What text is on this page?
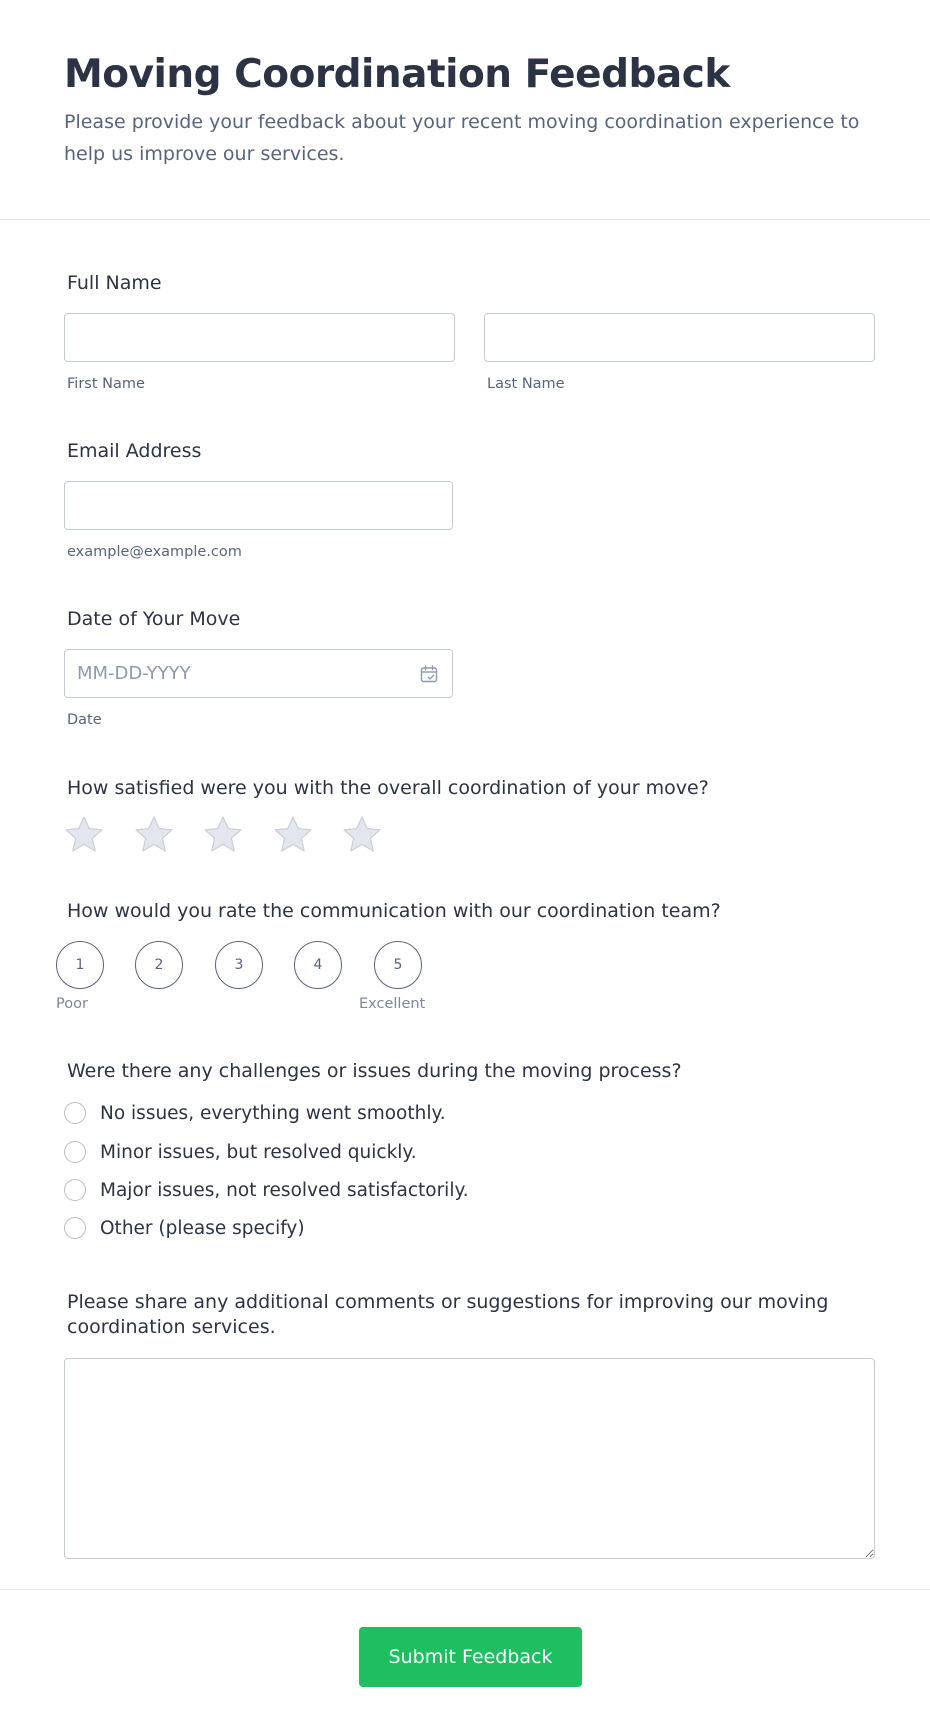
Moving Coordination Feedback

Please provide your feedback about your recent moving coordination experience to help us improve our services.

Full Name
First Name	Last Name
Email Address
example@example.com
Date of Your Move
MM-DD-YYYY
Date
How satisfied were you with the overall coordination of your move?
How would you rate the communication with our coordination team?
1	2	3	4	5
Poor	Excellent
Were there any challenges or issues during the moving process?
No issues, everything went smoothly.
Minor issues, but resolved quickly.
Major issues, not resolved satisfactorily.
Other (please specify)
Please share any additional comments or suggestions for improving our moving coordination services.
Submit Feedback
